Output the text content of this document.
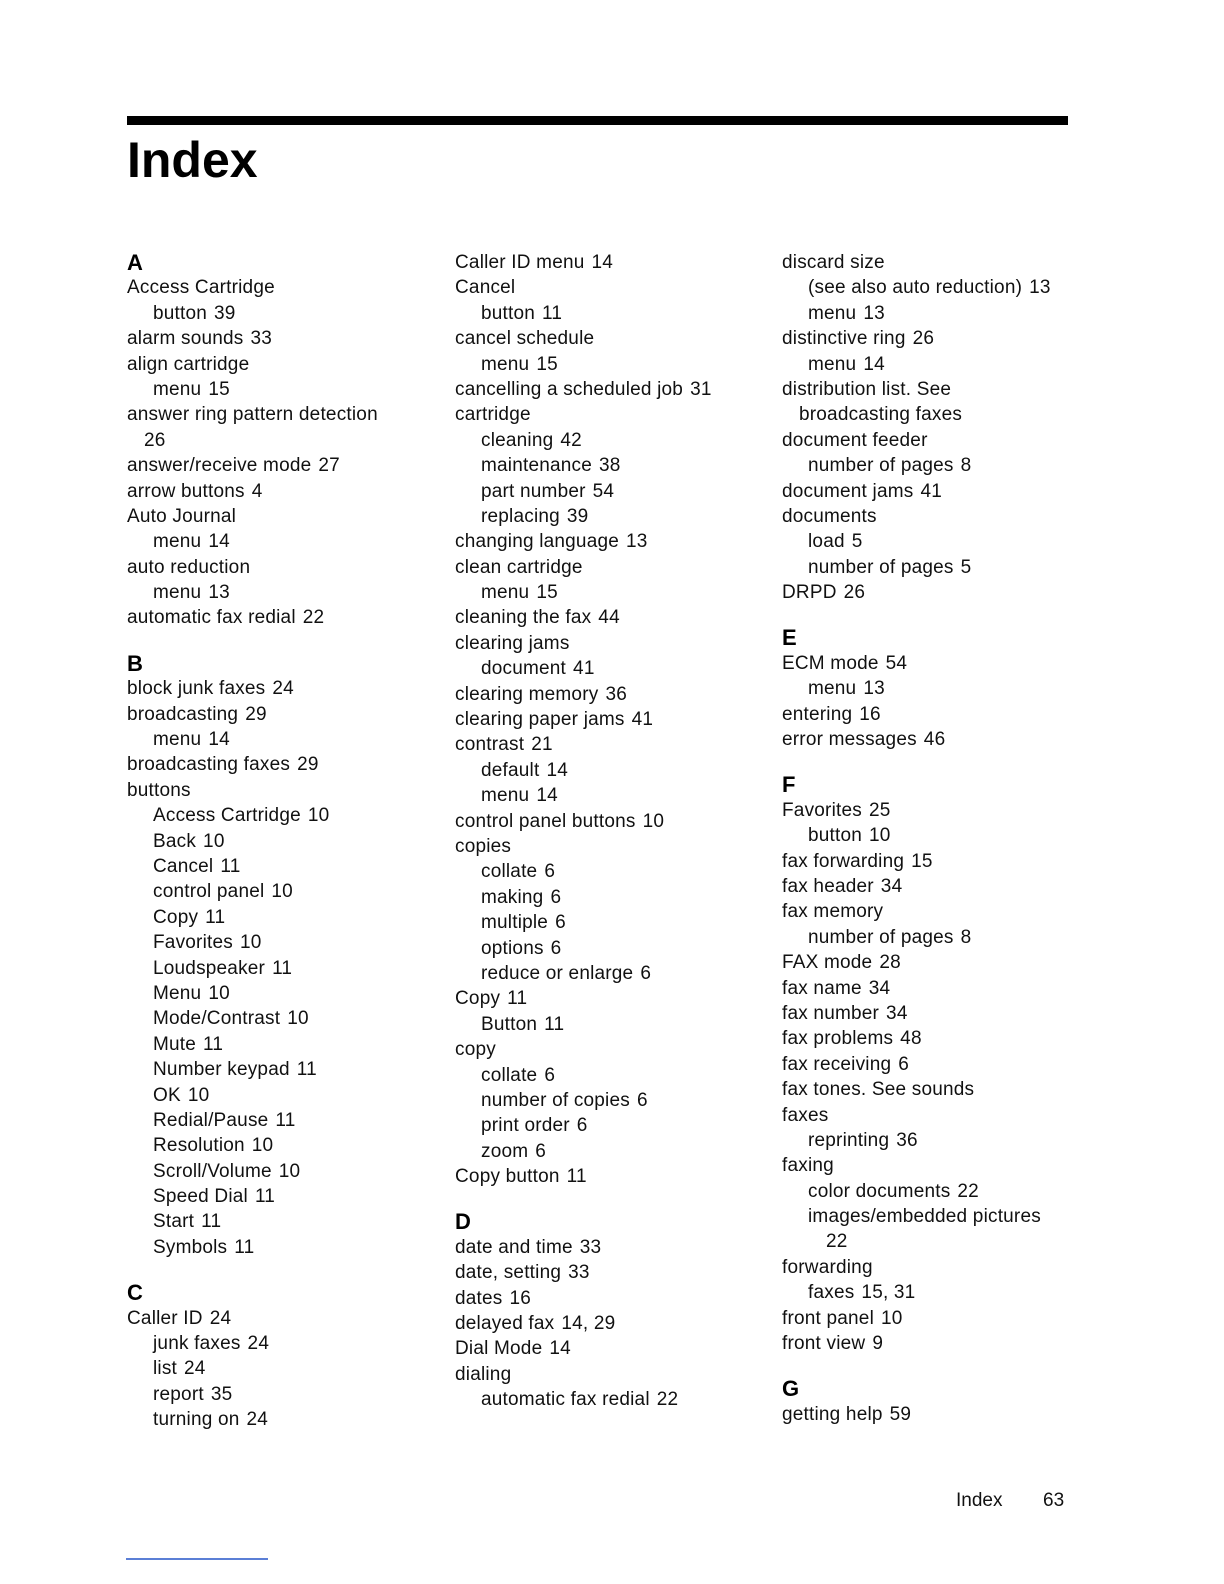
Index
A
Access Cartridge
button 39
alarm sounds 33
align cartridge
menu 15
answer ring pattern detection
26
answer/receive mode 27
arrow buttons 4
Auto Journal
menu 14
auto reduction
menu 13
automatic fax redial 22
B
block junk faxes 24
broadcasting 29
menu 14
broadcasting faxes 29
buttons
Access Cartridge 10
Back 10
Cancel 11
control panel 10
Copy 11
Favorites 10
Loudspeaker 11
Menu 10
Mode/Contrast 10
Mute 11
Number keypad 11
OK 10
Redial/Pause 11
Resolution 10
Scroll/Volume 10
Speed Dial 11
Start 11
Symbols 11
C
Caller ID 24
junk faxes 24
list 24
report 35
turning on 24
Caller ID menu 14
Cancel
button 11
cancel schedule
menu 15
cancelling a scheduled job 31
cartridge
cleaning 42
maintenance 38
part number 54
replacing 39
changing language 13
clean cartridge
menu 15
cleaning the fax 44
clearing jams
document 41
clearing memory 36
clearing paper jams 41
contrast 21
default 14
menu 14
control panel buttons 10
copies
collate 6
making 6
multiple 6
options 6
reduce or enlarge 6
Copy 11
Button 11
copy
collate 6
number of copies 6
print order 6
zoom 6
Copy button 11
D
date and time 33
date, setting 33
dates 16
delayed fax 14, 29
Dial Mode 14
dialing
automatic fax redial 22
discard size
(see also auto reduction) 13
menu 13
distinctive ring 26
menu 14
distribution list. See
broadcasting faxes
document feeder
number of pages 8
document jams 41
documents
load 5
number of pages 5
DRPD 26
E
ECM mode 54
menu 13
entering 16
error messages 46
F
Favorites 25
button 10
fax forwarding 15
fax header 34
fax memory
number of pages 8
FAX mode 28
fax name 34
fax number 34
fax problems 48
fax receiving 6
fax tones. See sounds
faxes
reprinting 36
faxing
color documents 22
images/embedded pictures
22
forwarding
faxes 15, 31
front panel 10
front view 9
G
getting help 59
Index 63
